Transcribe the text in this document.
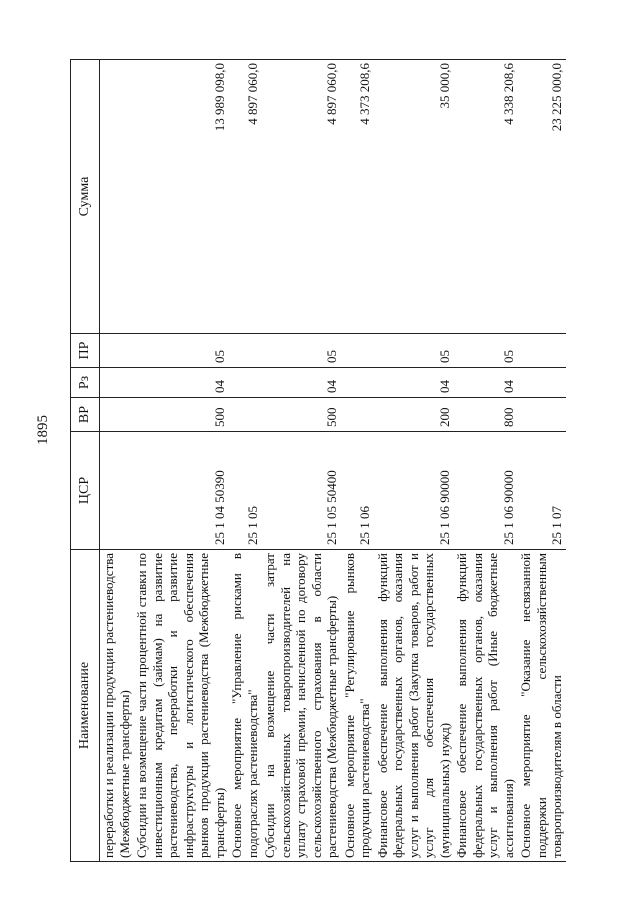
1895
Наименование	ЦСР	ВР	Рз	ПР	Сумма
переработки и реализации продукции растениеводства (Межбюджетные трансферты)					
Субсидии на возмещение части процентной ставки по инвестиционным кредитам (займам) на развитие растениеводства, переработки и развитие инфраструктуры и логистического обеспечения рынков продукции растениеводства (Межбюджетные трансферты)	25 1 04 50390	500	04	05	13 989 098,0
Основное мероприятие "Управление рисками в подотраслях растениеводства"	25 1 05				4 897 060,0
Субсидии на возмещение части затрат сельскохозяйственных товаропроизводителей на уплату страховой премии, начисленной по договору сельскохозяйственного страхования в области растениеводства (Межбюджетные трансферты)	25 1 05 50400	500	04	05	4 897 060,0
Основное мероприятие "Регулирование рынков продукции растениеводства"	25 1 06				4 373 208,6
Финансовое обеспечение выполнения функций федеральных государственных органов, оказания услуг и выполнения работ (Закупка товаров, работ и услуг для обеспечения государственных (муниципальных) нужд)	25 1 06 90000	200	04	05	35 000,0
Финансовое обеспечение выполнения функций федеральных государственных органов, оказания услуг и выполнения работ (Иные бюджетные ассигнования)	25 1 06 90000	800	04	05	4 338 208,6
Основное мероприятие "Оказание несвязанной поддержки сельскохозяйственным товаропроизводителям в области	25 1 07				23 225 000,0
